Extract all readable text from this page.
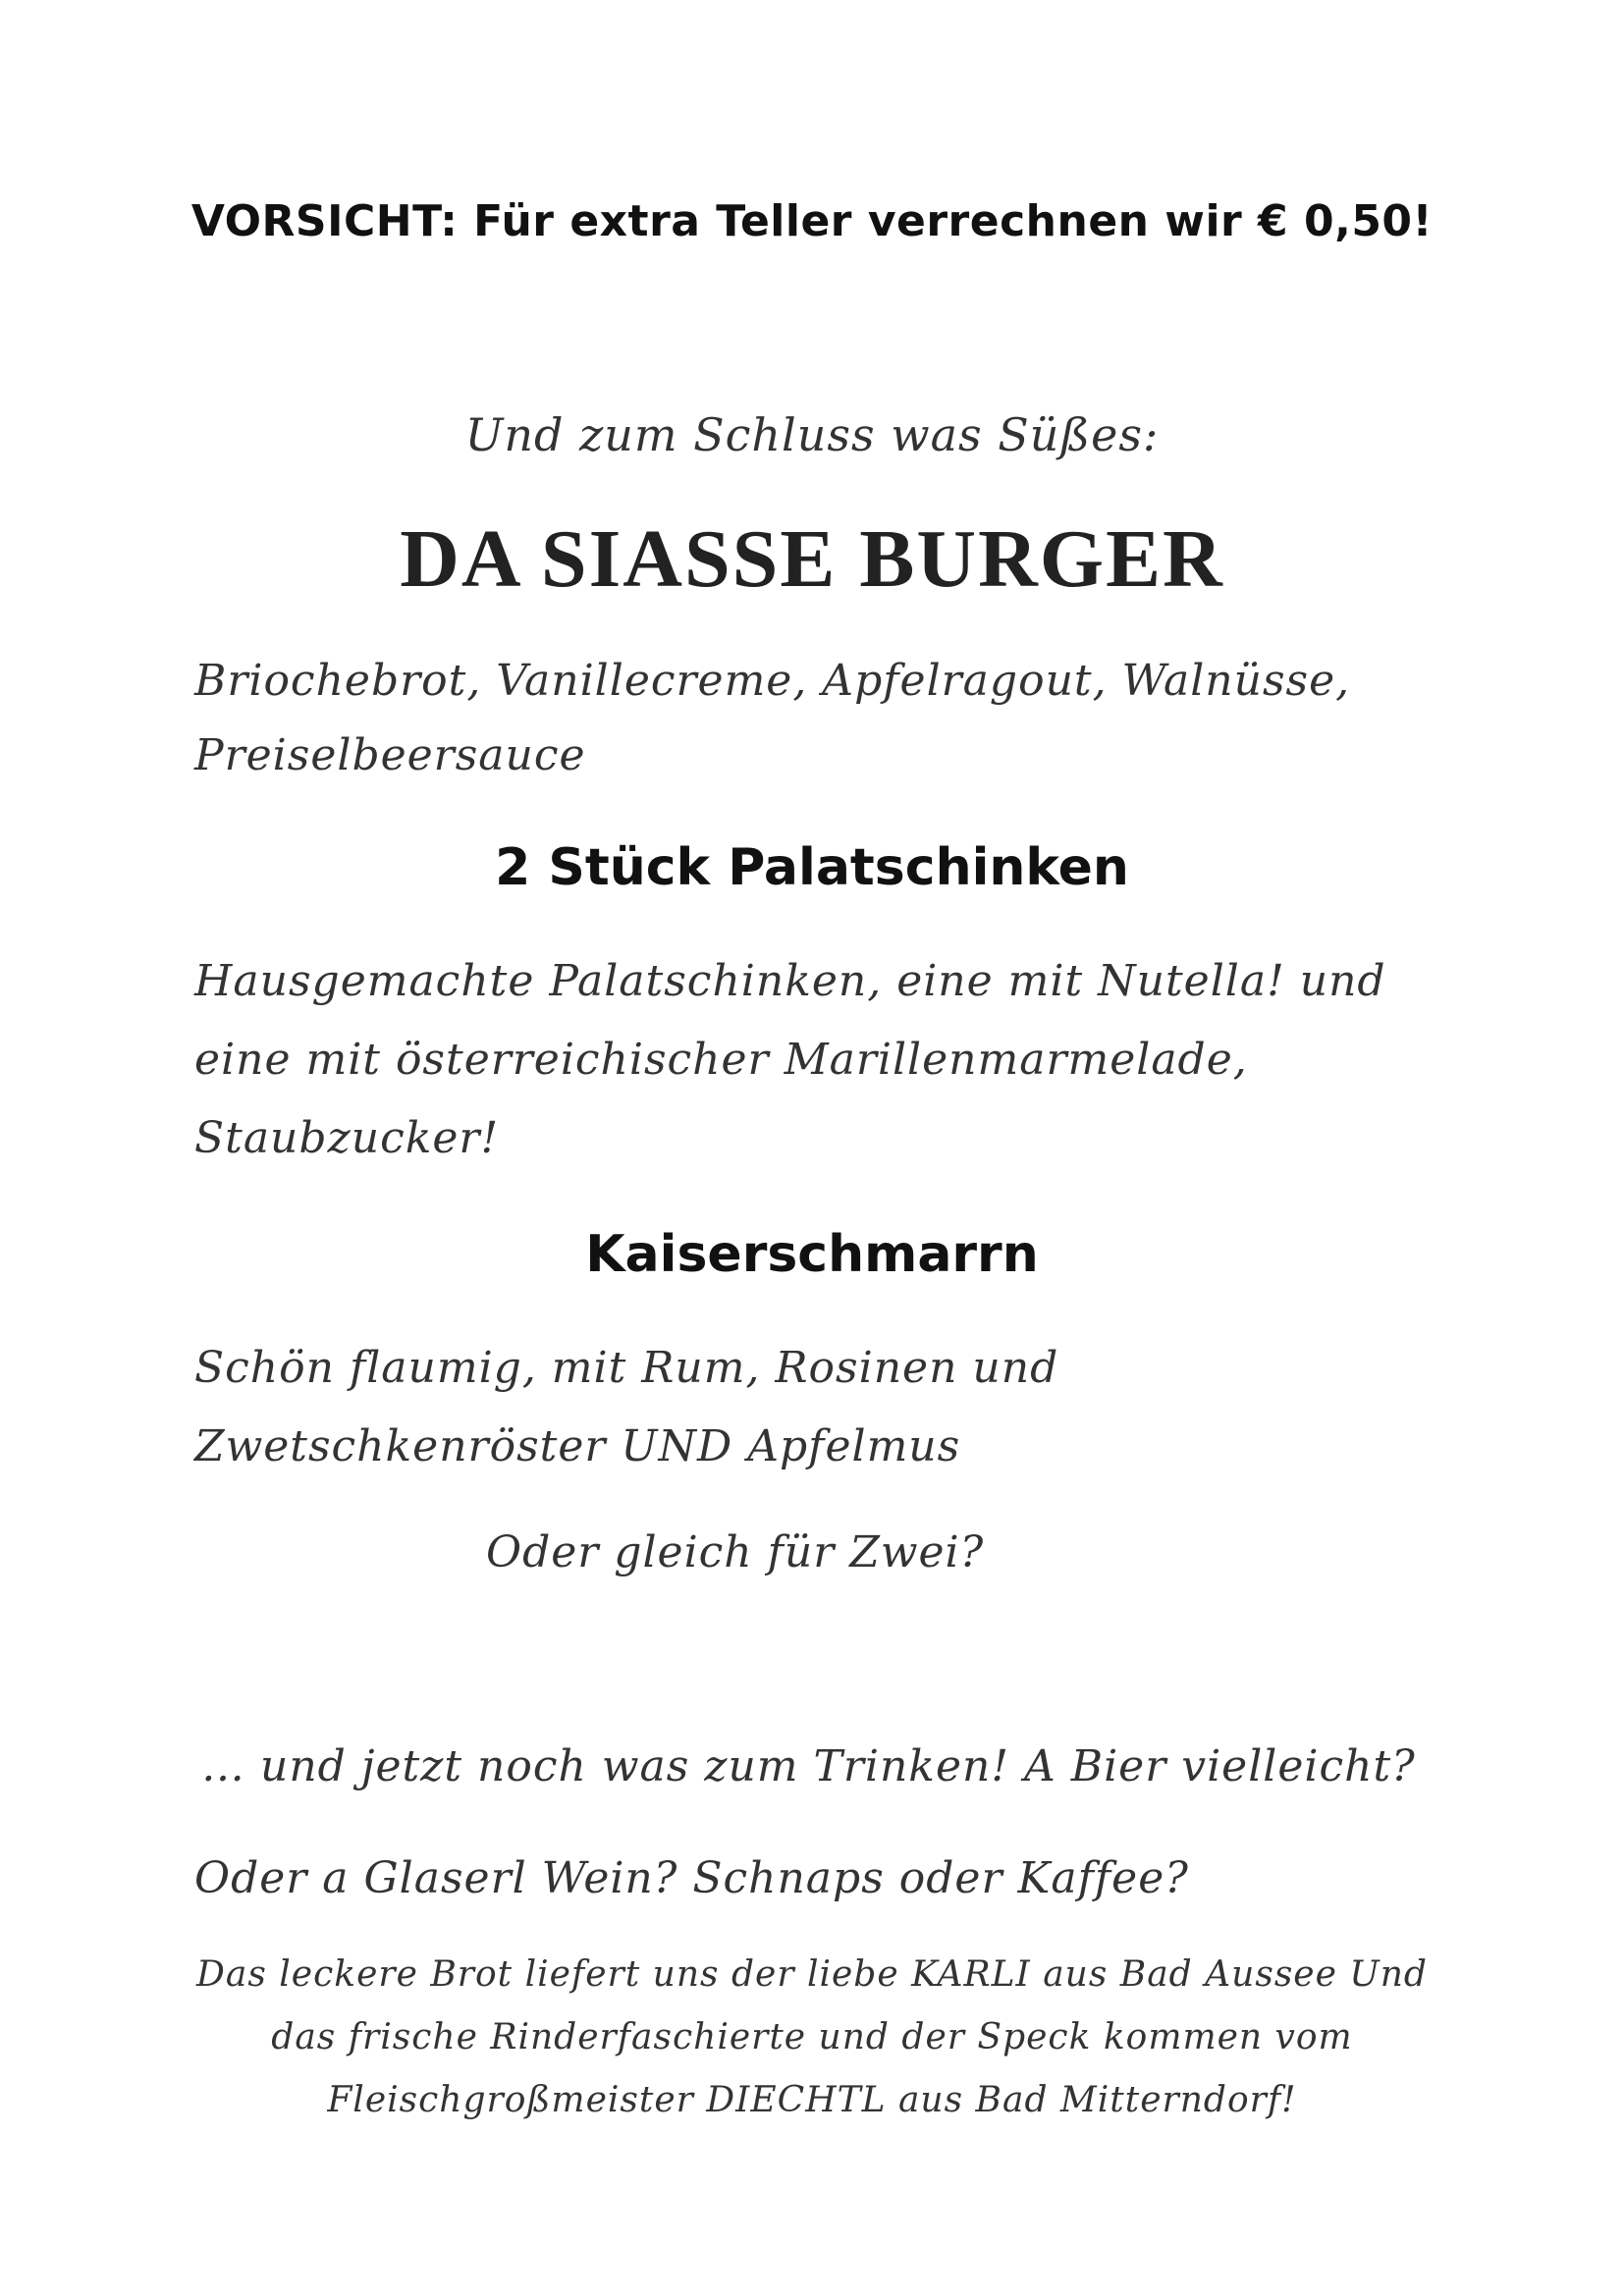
VORSICHT: Für extra Teller verrechnen wir € 0,50!

Und zum Schluss was Süßes:

DA SIASSE BURGER

Briochebrot, Vanillecreme, Apfelragout, Walnüsse,

Preiselbeersauce

2 Stück Palatschinken

Hausgemachte Palatschinken, eine mit Nutella! und

eine mit österreichischer Marillenmarmelade,

Staubzucker!

Kaiserschmarrn

Schön flaumig, mit Rum, Rosinen und

Zwetschkenröster UND Apfelmus

Oder gleich für Zwei?

… und jetzt noch was zum Trinken! A Bier vielleicht?

Oder a Glaserl Wein? Schnaps oder Kaffee?

Das leckere Brot liefert uns der liebe KARLI aus Bad Aussee Und

das frische Rinderfaschierte und der Speck kommen vom

Fleischgroßmeister DIECHTL aus Bad Mitterndorf!
